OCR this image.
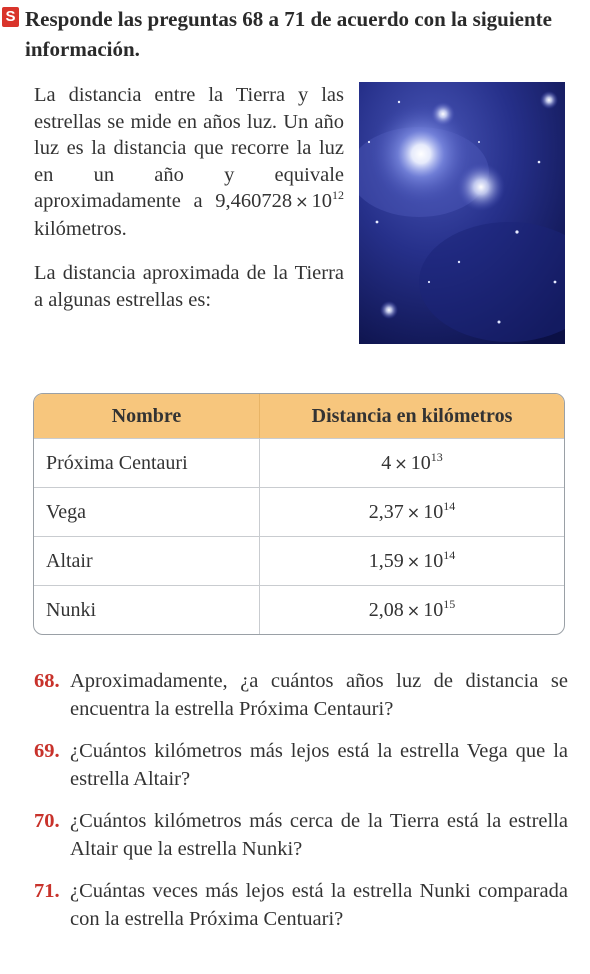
S Responde las preguntas 68 a 71 de acuerdo con la siguiente información.

La distancia entre la Tierra y las estrellas se mide en años luz. Un año luz es la distancia que recorre la luz en un año y equivale aproximadamente a $9,460728 \times 10^{12}$ kilómetros.

La distancia aproximada de la Tierra a algunas estrellas es:

Nombre	Distancia en kilómetros
Próxima Centauri	$4 \times 10^{13}$
Vega	$2,37 \times 10^{14}$
Altair	$1,59 \times 10^{14}$
Nunki	$2,08 \times 10^{15}$
68. Aproximadamente, ¿a cuántos años luz de distancia se encuentra la estrella Próxima Centauri?
69. ¿Cuántos kilómetros más lejos está la estrella Vega que la estrella Altair?
70. ¿Cuántos kilómetros más cerca de la Tierra está la estrella Altair que la estrella Nunki?
71. ¿Cuántas veces más lejos está la estrella Nunki comparada con la estrella Próxima Centuari?
